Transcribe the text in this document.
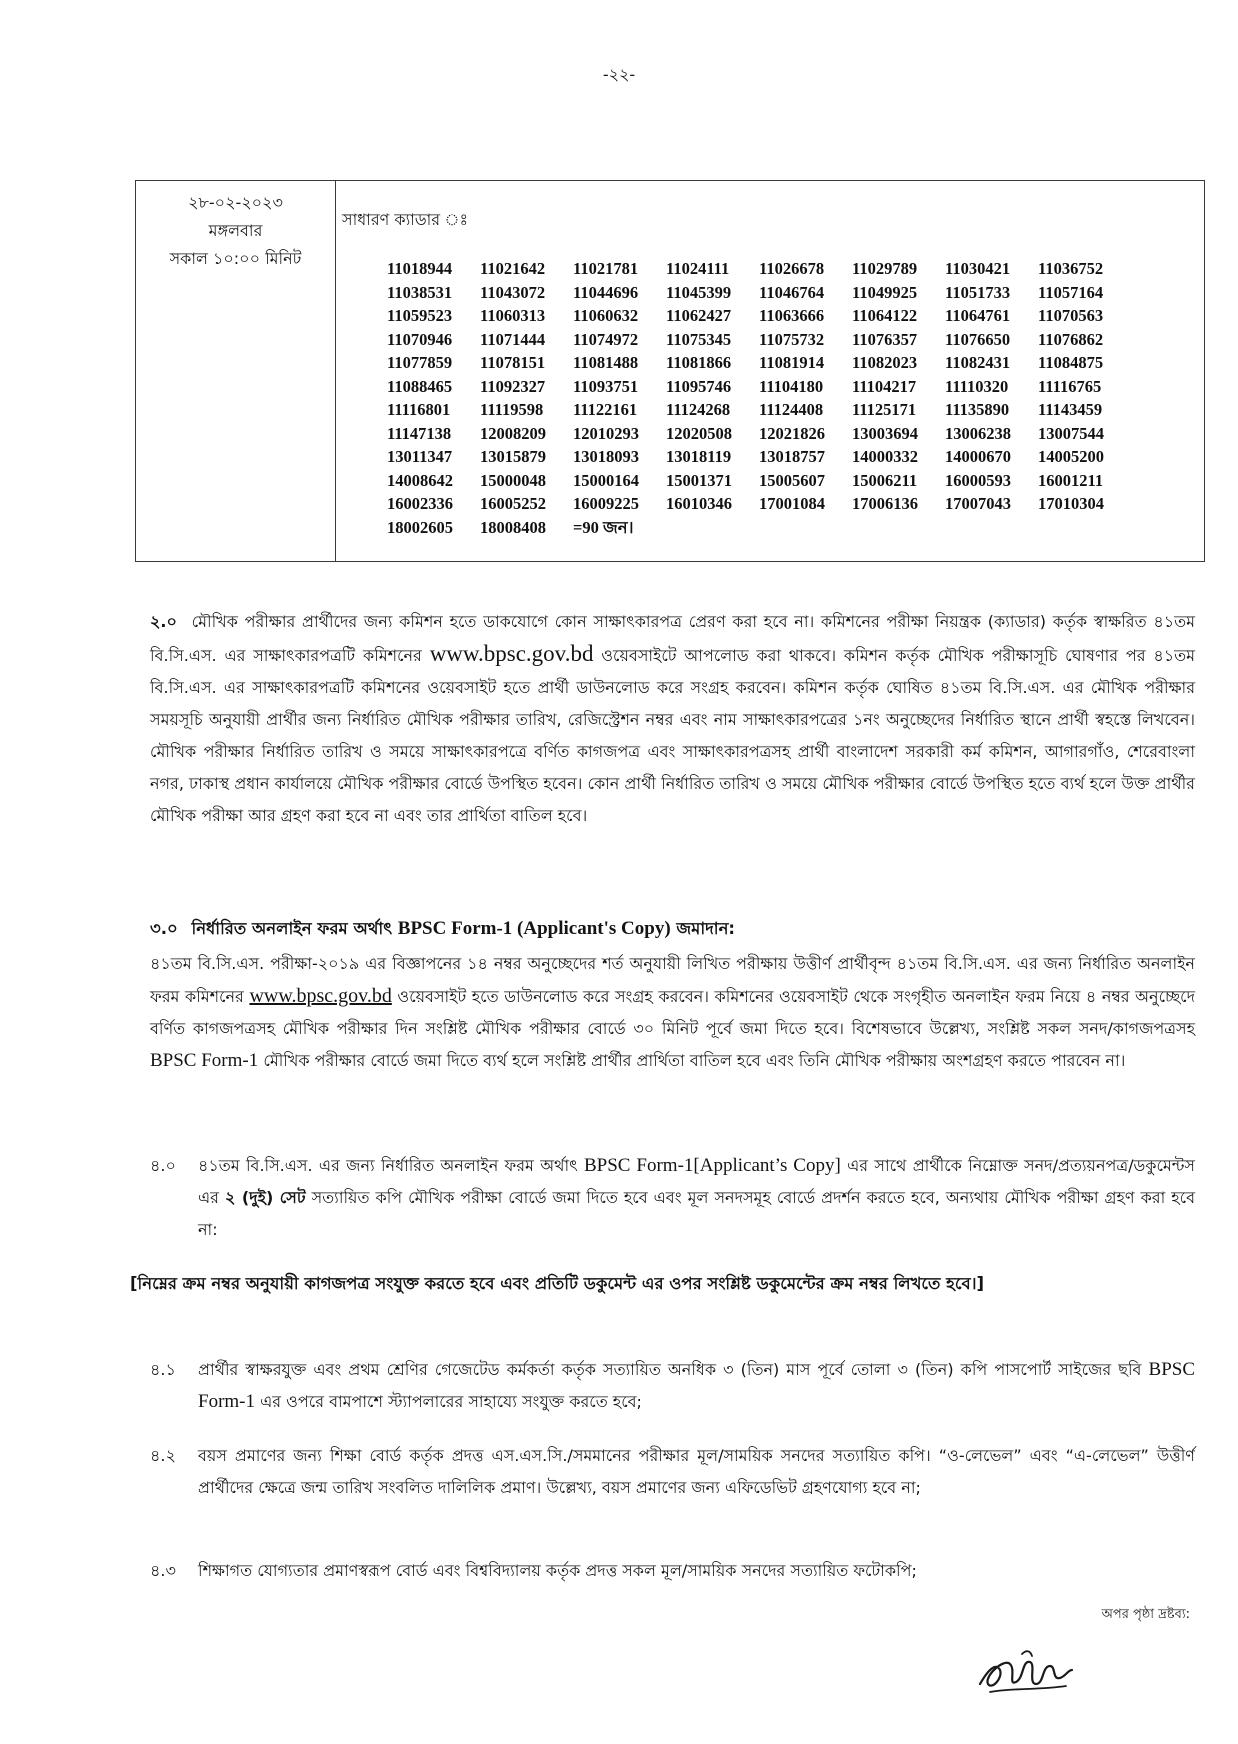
-২২-
২৮-০২-২০২৩
মঙ্গলবার
সকাল ১০:০০ মিনিট
সাধারণ ক্যাডার ঃ
11018944	11021642	11021781	11024111	11026678	11029789	11030421	11036752
11038531	11043072	11044696	11045399	11046764	11049925	11051733	11057164
11059523	11060313	11060632	11062427	11063666	11064122	11064761	11070563
11070946	11071444	11074972	11075345	11075732	11076357	11076650	11076862
11077859	11078151	11081488	11081866	11081914	11082023	11082431	11084875
11088465	11092327	11093751	11095746	11104180	11104217	11110320	11116765
11116801	11119598	11122161	11124268	11124408	11125171	11135890	11143459
11147138	12008209	12010293	12020508	12021826	13003694	13006238	13007544
13011347	13015879	13018093	13018119	13018757	14000332	14000670	14005200
14008642	15000048	15000164	15001371	15005607	15006211	16000593	16001211
16002336	16005252	16009225	16010346	17001084	17006136	17007043	17010304
18002605	18008408	=90 জন।
২.০ মৌখিক পরীক্ষার প্রার্থীদের জন্য কমিশন হতে ডাকযোগে কোন সাক্ষাৎকারপত্র প্রেরণ করা হবে না। কমিশনের পরীক্ষা নিয়ন্ত্রক (ক্যাডার) কর্তৃক স্বাক্ষরিত ৪১তম বি.সি.এস. এর সাক্ষাৎকারপত্রটি কমিশনের www.bpsc.gov.bd ওয়েবসাইটে আপলোড করা থাকবে। কমিশন কর্তৃক মৌখিক পরীক্ষাসূচি ঘোষণার পর ৪১তম বি.সি.এস. এর সাক্ষাৎকারপত্রটি কমিশনের ওয়েবসাইট হতে প্রার্থী ডাউনলোড করে সংগ্রহ করবেন। কমিশন কর্তৃক ঘোষিত ৪১তম বি.সি.এস. এর মৌখিক পরীক্ষার সময়সূচি অনুযায়ী প্রার্থীর জন্য নির্ধারিত মৌখিক পরীক্ষার তারিখ, রেজিস্ট্রেশন নম্বর এবং নাম সাক্ষাৎকারপত্রের ১নং অনুচ্ছেদের নির্ধারিত স্থানে প্রার্থী স্বহস্তে লিখবেন। মৌখিক পরীক্ষার নির্ধারিত তারিখ ও সময়ে সাক্ষাৎকারপত্রে বর্ণিত কাগজপত্র এবং সাক্ষাৎকারপত্রসহ প্রার্থী বাংলাদেশ সরকারী কর্ম কমিশন, আগারগাঁও, শেরেবাংলা নগর, ঢাকাস্থ প্রধান কার্যালয়ে মৌখিক পরীক্ষার বোর্ডে উপস্থিত হবেন। কোন প্রার্থী নির্ধারিত তারিখ ও সময়ে মৌখিক পরীক্ষার বোর্ডে উপস্থিত হতে ব্যর্থ হলে উক্ত প্রার্থীর মৌখিক পরীক্ষা আর গ্রহণ করা হবে না এবং তার প্রার্থিতা বাতিল হবে।
৩.০ নির্ধারিত অনলাইন ফরম অর্থাৎ BPSC Form-1 (Applicant's Copy) জমাদান:
৪১তম বি.সি.এস. পরীক্ষা-২০১৯ এর বিজ্ঞাপনের ১৪ নম্বর অনুচ্ছেদের শর্ত অনুযায়ী লিখিত পরীক্ষায় উত্তীর্ণ প্রার্থীবৃন্দ ৪১তম বি.সি.এস. এর জন্য নির্ধারিত অনলাইন ফরম কমিশনের www.bpsc.gov.bd ওয়েবসাইট হতে ডাউনলোড করে সংগ্রহ করবেন। কমিশনের ওয়েবসাইট থেকে সংগৃহীত অনলাইন ফরম নিয়ে ৪ নম্বর অনুচ্ছেদে বর্ণিত কাগজপত্রসহ মৌখিক পরীক্ষার দিন সংশ্লিষ্ট মৌখিক পরীক্ষার বোর্ডে ৩০ মিনিট পূর্বে জমা দিতে হবে। বিশেষভাবে উল্লেখ্য, সংশ্লিষ্ট সকল সনদ/কাগজপত্রসহ BPSC Form-1 মৌখিক পরীক্ষার বোর্ডে জমা দিতে ব্যর্থ হলে সংশ্লিষ্ট প্রার্থীর প্রার্থিতা বাতিল হবে এবং তিনি মৌখিক পরীক্ষায় অংশগ্রহণ করতে পারবেন না।
৪.০	৪১তম বি.সি.এস. এর জন্য নির্ধারিত অনলাইন ফরম অর্থাৎ BPSC Form-1[Applicant’s Copy] এর সাথে প্রার্থীকে নিম্নোক্ত সনদ/প্রত্যয়নপত্র/ডকুমেন্টস এর ২ (দুই) সেট সত্যায়িত কপি মৌখিক পরীক্ষা বোর্ডে জমা দিতে হবে এবং মূল সনদসমূহ বোর্ডে প্রদর্শন করতে হবে, অন্যথায় মৌখিক পরীক্ষা গ্রহণ করা হবে না:
[নিম্নের ক্রম নম্বর অনুযায়ী কাগজপত্র সংযুক্ত করতে হবে এবং প্রতিটি ডকুমেন্ট এর ওপর সংশ্লিষ্ট ডকুমেন্টের ক্রম নম্বর লিখতে হবে।]
৪.১	প্রার্থীর স্বাক্ষরযুক্ত এবং প্রথম শ্রেণির গেজেটেড কর্মকর্তা কর্তৃক সত্যায়িত অনধিক ৩ (তিন) মাস পূর্বে তোলা ৩ (তিন) কপি পাসপোর্ট সাইজের ছবি BPSC Form-1 এর ওপরে বামপাশে স্ট্যাপলারের সাহায্যে সংযুক্ত করতে হবে;
৪.২	বয়স প্রমাণের জন্য শিক্ষা বোর্ড কর্তৃক প্রদত্ত এস.এস.সি./সমমানের পরীক্ষার মূল/সাময়িক সনদের সত্যায়িত কপি। “ও-লেভেল” এবং “এ-লেভেল” উত্তীর্ণ প্রার্থীদের ক্ষেত্রে জন্ম তারিখ সংবলিত দালিলিক প্রমাণ। উল্লেখ্য, বয়স প্রমাণের জন্য এফিডেভিট গ্রহণযোগ্য হবে না;
৪.৩	শিক্ষাগত যোগ্যতার প্রমাণস্বরূপ বোর্ড এবং বিশ্ববিদ্যালয় কর্তৃক প্রদত্ত সকল মূল/সাময়িক সনদের সত্যায়িত ফটোকপি;
অপর পৃষ্ঠা দ্রষ্টব্য:
